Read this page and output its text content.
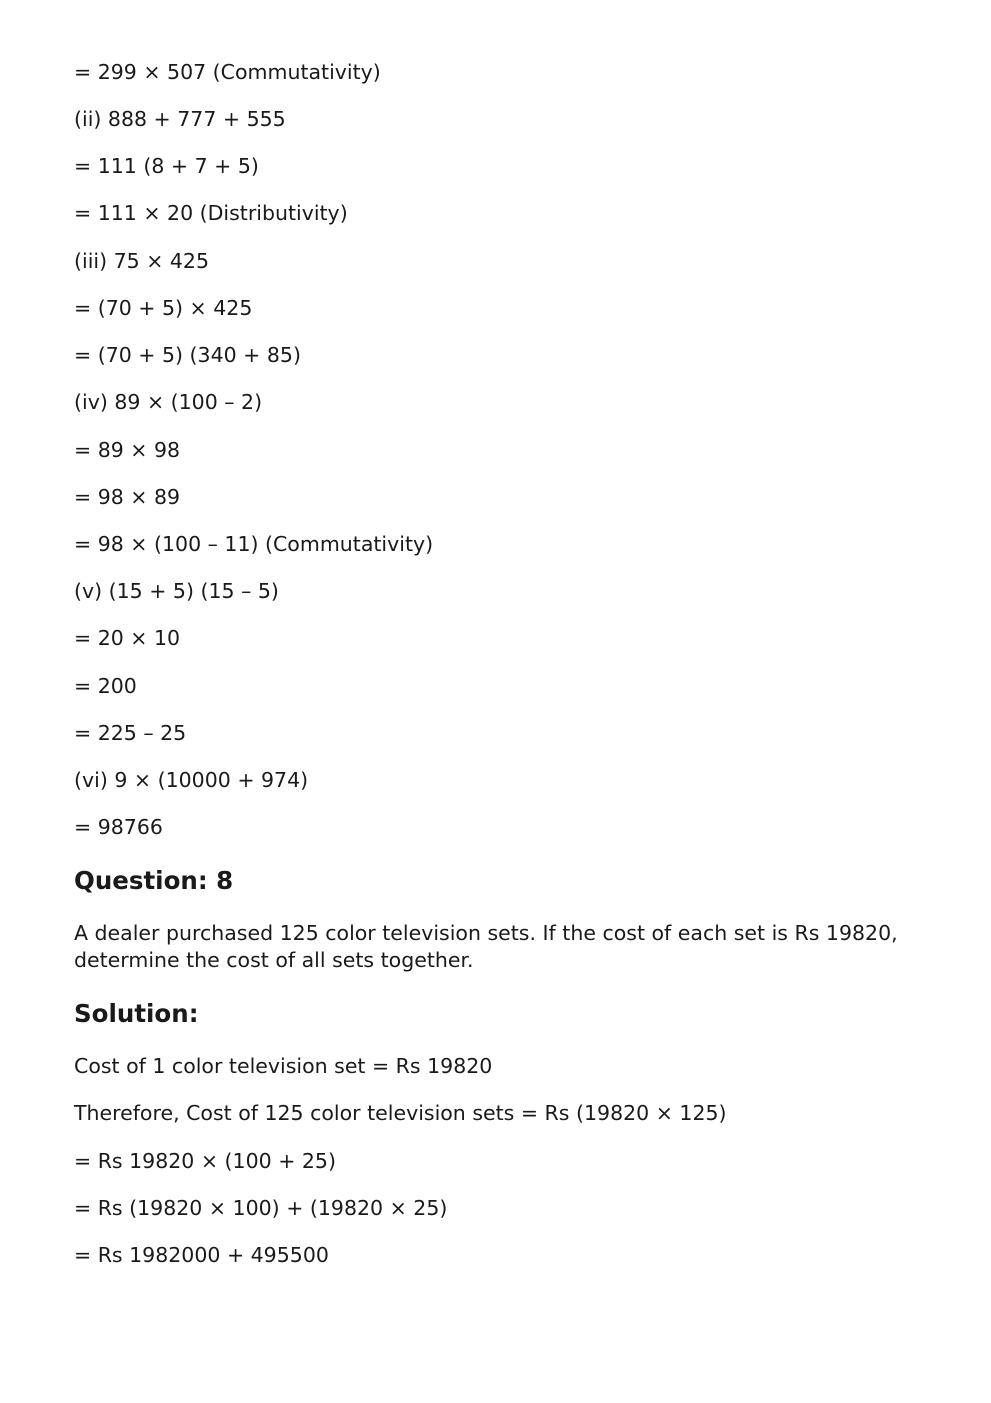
= 299 × 507 (Commutativity)
(ii) 888 + 777 + 555
= 111 (8 + 7 + 5)
= 111 × 20 (Distributivity)
(iii) 75 × 425
= (70 + 5) × 425
= (70 + 5) (340 + 85)
(iv) 89 × (100 – 2)
= 89 × 98
= 98 × 89
= 98 × (100 – 11) (Commutativity)
(v) (15 + 5) (15 – 5)
= 20 × 10
= 200
= 225 – 25
(vi) 9 × (10000 + 974)
= 98766
Question: 8
A dealer purchased 125 color television sets. If the cost of each set is Rs 19820,
determine the cost of all sets together.
Solution:
Cost of 1 color television set = Rs 19820
Therefore, Cost of 125 color television sets = Rs (19820 × 125)
= Rs 19820 × (100 + 25)
= Rs (19820 × 100) + (19820 × 25)
= Rs 1982000 + 495500
